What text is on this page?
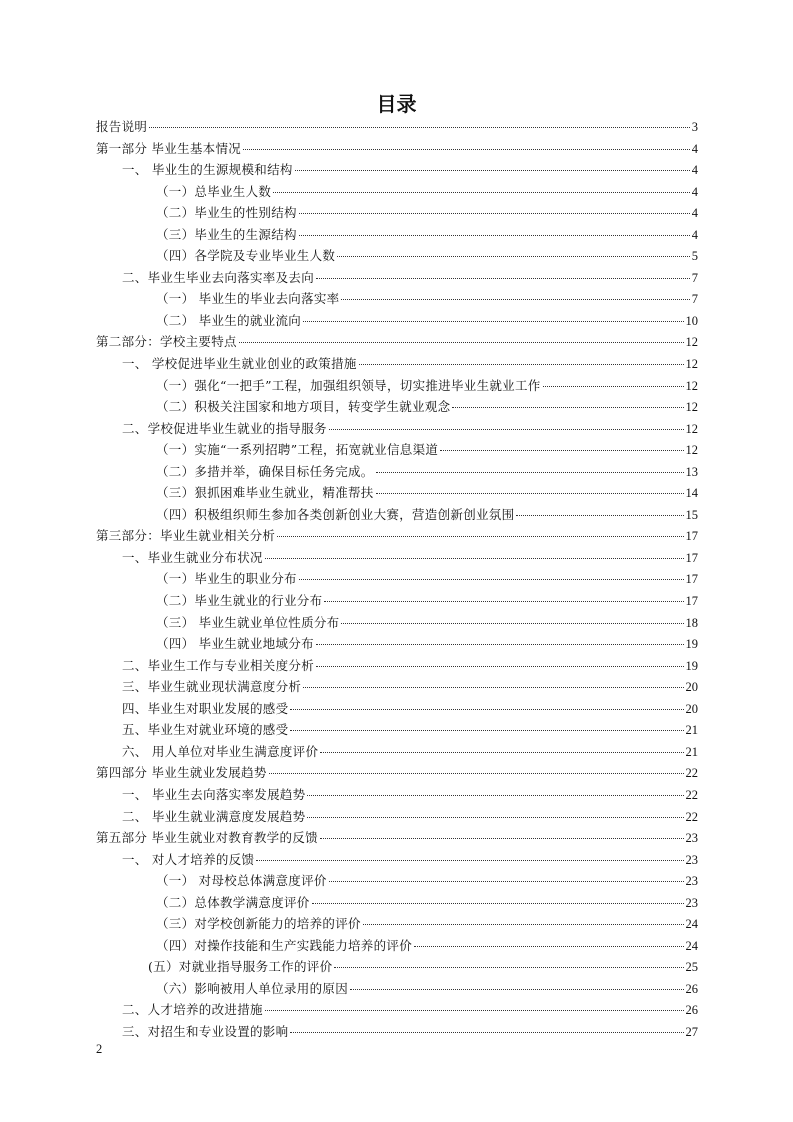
目录
报告说明	3
第一部分 毕业生基本情况	4
一、 毕业生的生源规模和结构	4
（一）总毕业生人数	4
（二）毕业生的性别结构	4
（三）毕业生的生源结构	4
（四）各学院及专业毕业生人数	5
二、毕业生毕业去向落实率及去向	7
（一） 毕业生的毕业去向落实率	7
（二） 毕业生的就业流向	10
第二部分：学校主要特点	12
一、 学校促进毕业生就业创业的政策措施	12
（一）强化“一把手”工程，加强组织领导，切实推进毕业生就业工作	12
（二）积极关注国家和地方项目，转变学生就业观念	12
二、学校促进毕业生就业的指导服务	12
（一）实施“一系列招聘”工程，拓宽就业信息渠道	12
（二）多措并举，确保目标任务完成。	13
（三）狠抓困难毕业生就业，精准帮扶	14
（四）积极组织师生参加各类创新创业大赛，营造创新创业氛围	15
第三部分：毕业生就业相关分析	17
一、毕业生就业分布状况	17
（一）毕业生的职业分布	17
（二）毕业生就业的行业分布	17
（三） 毕业生就业单位性质分布	18
（四） 毕业生就业地域分布	19
二、毕业生工作与专业相关度分析	19
三、毕业生就业现状满意度分析	20
四、毕业生对职业发展的感受	20
五、毕业生对就业环境的感受	21
六、 用人单位对毕业生满意度评价	21
第四部分 毕业生就业发展趋势	22
一、 毕业生去向落实率发展趋势	22
二、 毕业生就业满意度发展趋势	22
第五部分 毕业生就业对教育教学的反馈	23
一、 对人才培养的反馈	23
（一） 对母校总体满意度评价	23
（二）总体教学满意度评价	23
（三）对学校创新能力的培养的评价	24
（四）对操作技能和生产实践能力培养的评价	24
(五）对就业指导服务工作的评价	25
（六）影响被用人单位录用的原因	26
二、人才培养的改进措施	26
三、对招生和专业设置的影响	27

2
